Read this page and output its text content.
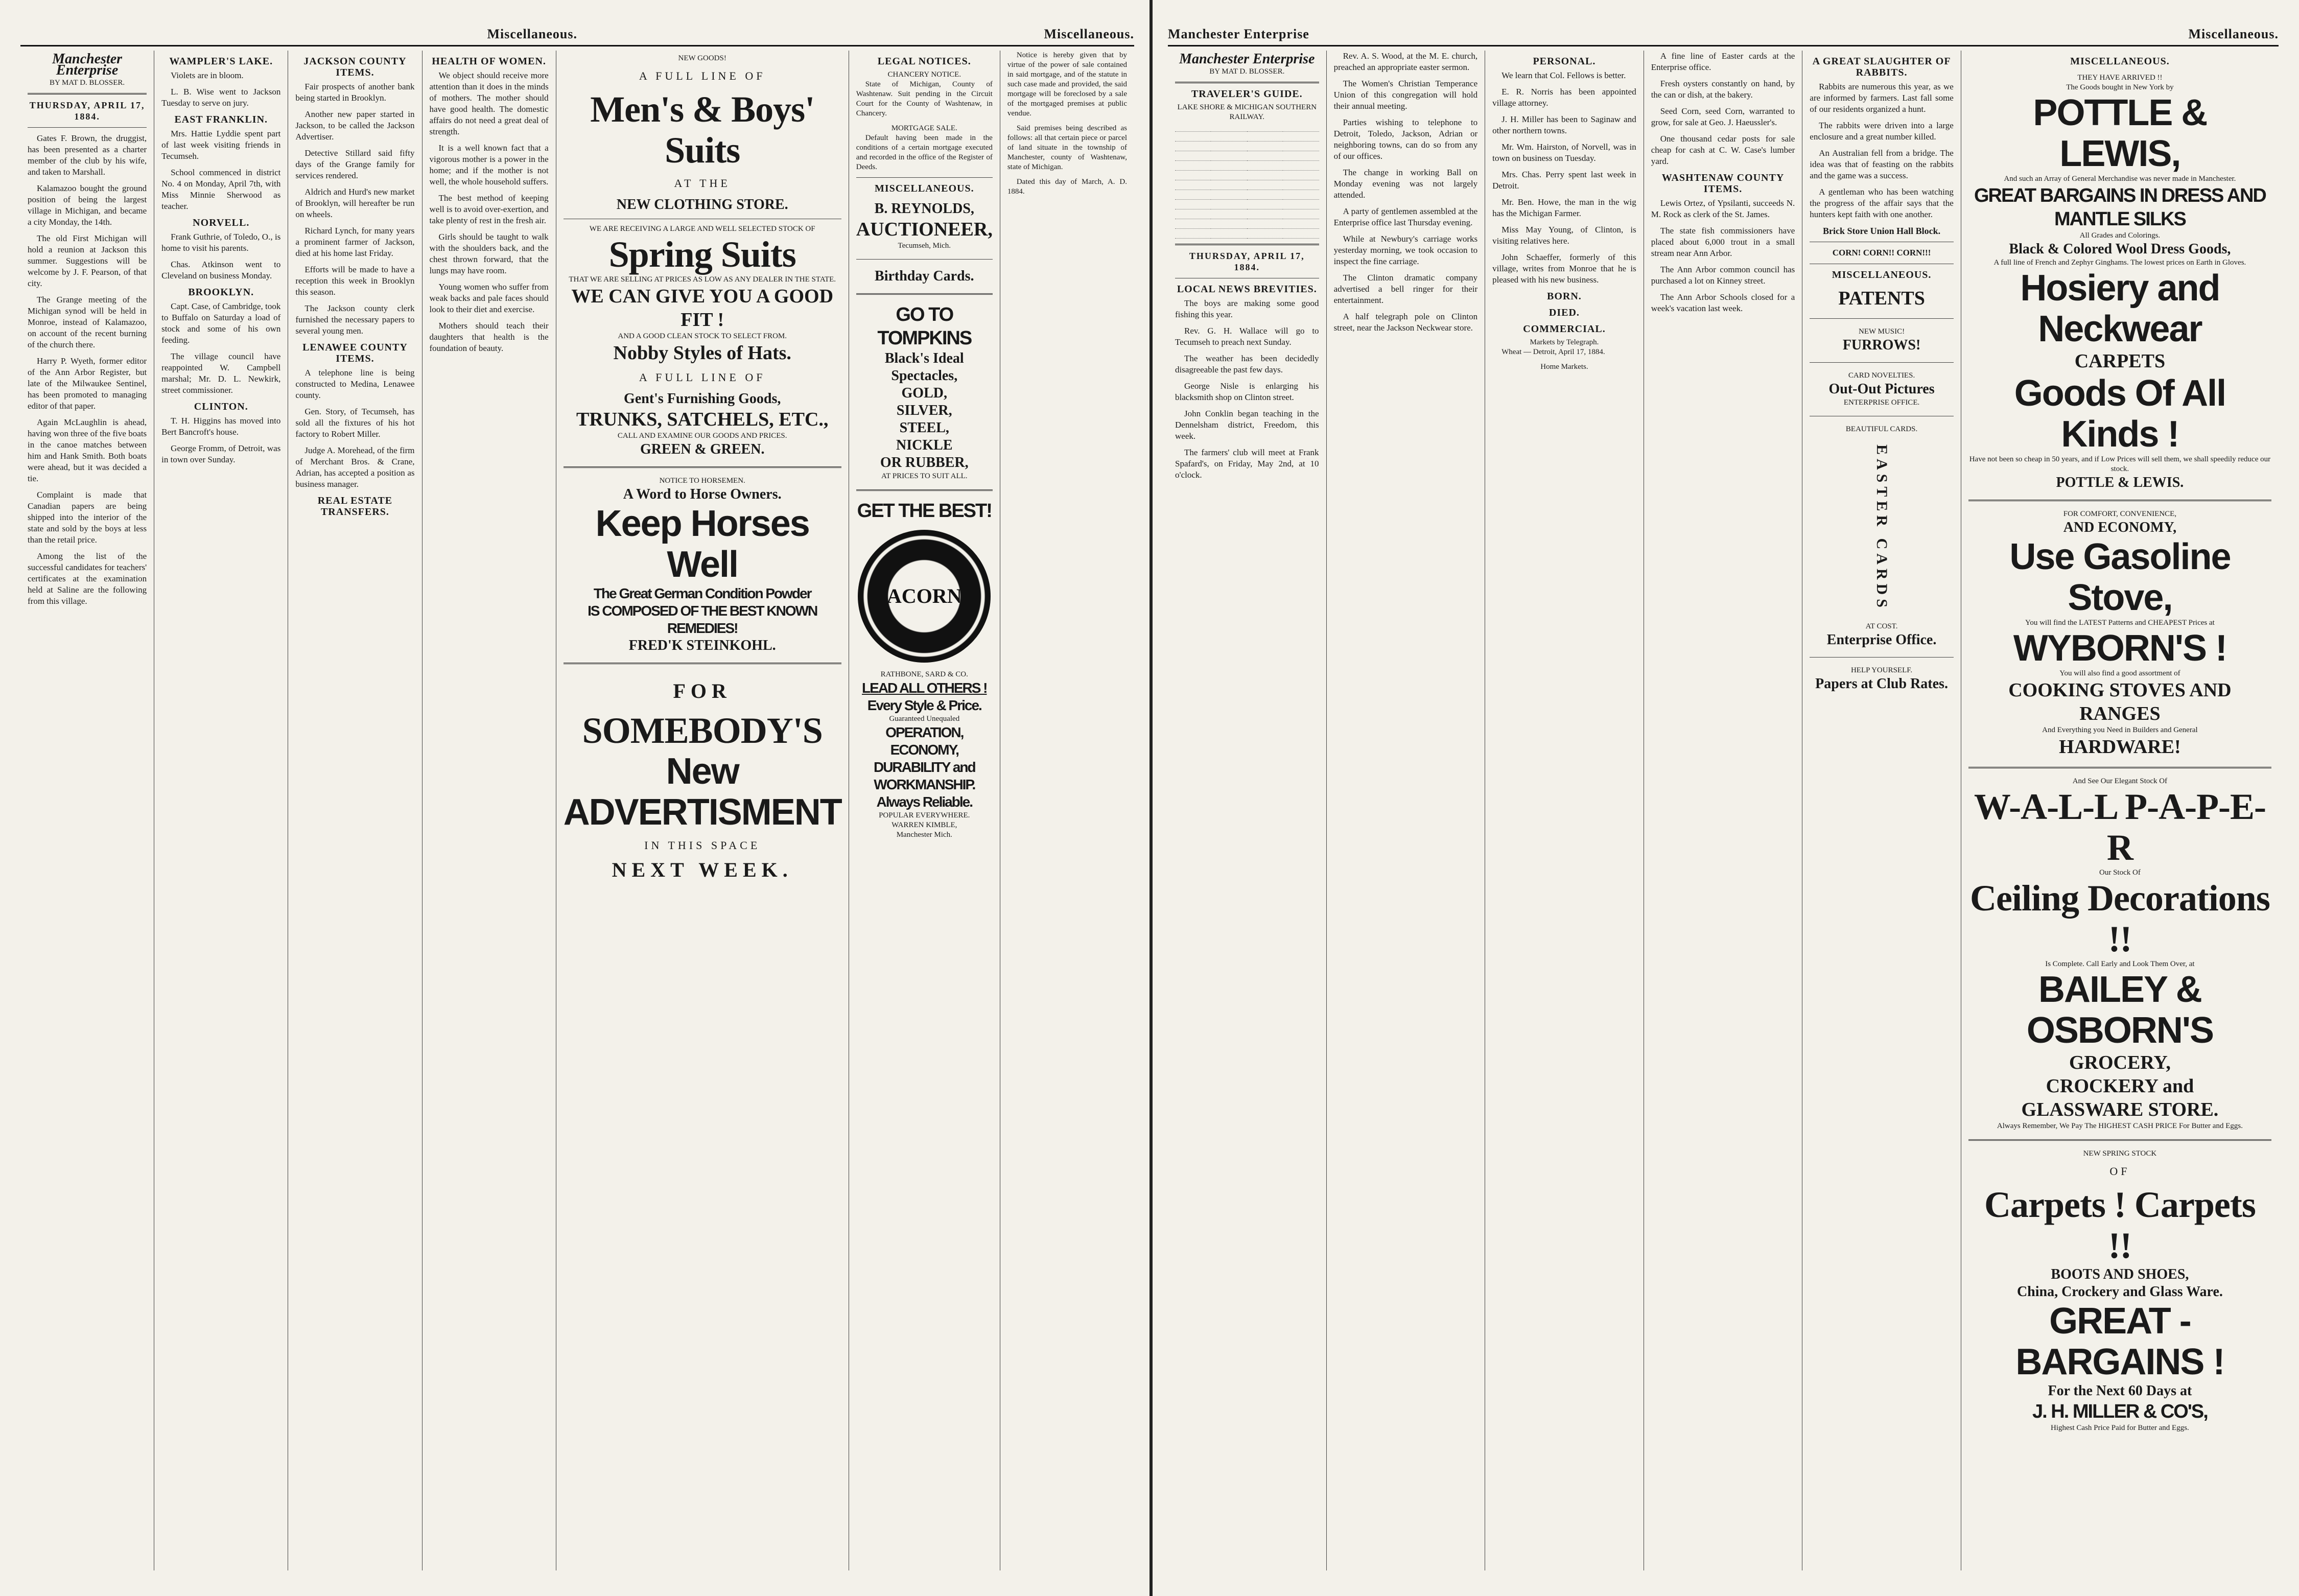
Miscellaneous.	Miscellaneous.
Manchester Enterprise
BY MAT D. BLOSSER.
THURSDAY, APRIL 17, 1884.

Gates F. Brown, the druggist, has been presented as a charter member of the club by his wife, and taken to Marshall.

Kalamazoo bought the ground position of being the largest village in Michigan, and became a city Monday, the 14th.

The old First Michigan will hold a reunion at Jackson this summer. Suggestions will be welcome by J. F. Pearson, of that city.

The Grange meeting of the Michigan synod will be held in Monroe, instead of Kalamazoo, on account of the recent burning of the church there.

Harry P. Wyeth, former editor of the Ann Arbor Register, but late of the Milwaukee Sentinel, has been promoted to managing editor of that paper.

Again McLaughlin is ahead, having won three of the five boats in the canoe matches between him and Hank Smith. Both boats were ahead, but it was decided a tie.

Complaint is made that Canadian papers are being shipped into the interior of the state and sold by the boys at less than the retail price.

Among the list of the successful candidates for teachers' certificates at the examination held at Saline are the following from this village.

WAMPLER'S LAKE.

Violets are in bloom.

L. B. Wise went to Jackson Tuesday to serve on jury.

EAST FRANKLIN.

Mrs. Hattie Lyddie spent part of last week visiting friends in Tecumseh.

School commenced in district No. 4 on Monday, April 7th, with Miss Minnie Sherwood as teacher.

NORVELL.

Frank Guthrie, of Toledo, O., is home to visit his parents.

Chas. Atkinson went to Cleveland on business Monday.

BROOKLYN.

Capt. Case, of Cambridge, took to Buffalo on Saturday a load of stock and some of his own feeding.

The village council have reappointed W. Campbell marshal; Mr. D. L. Newkirk, street commissioner.

CLINTON.

T. H. Higgins has moved into Bert Bancroft's house.

George Fromm, of Detroit, was in town over Sunday.

JACKSON COUNTY ITEMS.

Fair prospects of another bank being started in Brooklyn.

Another new paper started in Jackson, to be called the Jackson Advertiser.

Detective Stillard said fifty days of the Grange family for services rendered.

Aldrich and Hurd's new market of Brooklyn, will hereafter be run on wheels.

Richard Lynch, for many years a prominent farmer of Jackson, died at his home last Friday.

Efforts will be made to have a reception this week in Brooklyn this season.

The Jackson county clerk furnished the necessary papers to several young men.

LENAWEE COUNTY ITEMS.

A telephone line is being constructed to Medina, Lenawee county.

Gen. Story, of Tecumseh, has sold all the fixtures of his hot factory to Robert Miller.

Judge A. Morehead, of the firm of Merchant Bros. & Crane, Adrian, has accepted a position as business manager.

REAL ESTATE TRANSFERS.
HEALTH OF WOMEN.

We object should receive more attention than it does in the minds of mothers. The mother should have good health. The domestic affairs do not need a great deal of strength.

It is a well known fact that a vigorous mother is a power in the home; and if the mother is not well, the whole household suffers.

The best method of keeping well is to avoid over-exertion, and take plenty of rest in the fresh air.

Girls should be taught to walk with the shoulders back, and the chest thrown forward, that the lungs may have room.

Young women who suffer from weak backs and pale faces should look to their diet and exercise.

Mothers should teach their daughters that health is the foundation of beauty.

NEW GOODS!
A FULL LINE OF
Men's & Boys' Suits
AT THE
NEW CLOTHING STORE.
WE ARE RECEIVING A LARGE AND WELL SELECTED STOCK OF
Spring Suits
THAT WE ARE SELLING AT PRICES AS LOW AS ANY DEALER IN THE STATE.
WE CAN GIVE YOU A GOOD FIT !
AND A GOOD CLEAN STOCK TO SELECT FROM.
Nobby Styles of Hats.
A FULL LINE OF
Gent's Furnishing Goods,
TRUNKS, SATCHELS, ETC.,
CALL AND EXAMINE OUR GOODS AND PRICES.
GREEN & GREEN.
NOTICE TO HORSEMEN.
A Word to Horse Owners.
Keep Horses Well
The Great German Condition Powder
IS COMPOSED OF THE BEST KNOWN REMEDIES!
FRED'K STEINKOHL.
FOR
SOMEBODY'S
New ADVERTISMENT
IN THIS SPACE
NEXT WEEK.
LEGAL NOTICES.
CHANCERY NOTICE.

State of Michigan, County of Washtenaw. Suit pending in the Circuit Court for the County of Washtenaw, in Chancery.

MORTGAGE SALE.

Default having been made in the conditions of a certain mortgage executed and recorded in the office of the Register of Deeds.

MISCELLANEOUS.
B. REYNOLDS,
AUCTIONEER,
Tecumseh, Mich.
Birthday Cards.
GO TO TOMPKINS
Black's Ideal Spectacles,
GOLD,
SILVER,
STEEL,
NICKLE
OR RUBBER,
AT PRICES TO SUIT ALL.
GET THE BEST!
ACORN
RATHBONE, SARD & CO.
LEAD ALL OTHERS !
Every Style & Price.
Guaranteed Unequaled
OPERATION,
ECONOMY,
DURABILITY and
WORKMANSHIP.
Always Reliable.
POPULAR EVERYWHERE.
WARREN KIMBLE,
Manchester Mich.

Notice is hereby given that by virtue of the power of sale contained in said mortgage, and of the statute in such case made and provided, the said mortgage will be foreclosed by a sale of the mortgaged premises at public vendue.

Said premises being described as follows: all that certain piece or parcel of land situate in the township of Manchester, county of Washtenaw, state of Michigan.

Dated this day of March, A. D. 1884.

Manchester Enterprise	Miscellaneous.
Manchester Enterprise
BY MAT D. BLOSSER.
TRAVELER'S GUIDE.
LAKE SHORE & MICHIGAN SOUTHERN RAILWAY.

THURSDAY, APRIL 17, 1884.
LOCAL NEWS BREVITIES.

The boys are making some good fishing this year.

Rev. G. H. Wallace will go to Tecumseh to preach next Sunday.

The weather has been decidedly disagreeable the past few days.

George Nisle is enlarging his blacksmith shop on Clinton street.

John Conklin began teaching in the Dennelsham district, Freedom, this week.

The farmers' club will meet at Frank Spafard's, on Friday, May 2nd, at 10 o'clock.

Rev. A. S. Wood, at the M. E. church, preached an appropriate easter sermon.

The Women's Christian Temperance Union of this congregation will hold their annual meeting.

Parties wishing to telephone to Detroit, Toledo, Jackson, Adrian or neighboring towns, can do so from any of our offices.

The change in working Ball on Monday evening was not largely attended.

A party of gentlemen assembled at the Enterprise office last Thursday evening.

While at Newbury's carriage works yesterday morning, we took occasion to inspect the fine carriage.

The Clinton dramatic company advertised a bell ringer for their entertainment.

A half telegraph pole on Clinton street, near the Jackson Neckwear store.

PERSONAL.

We learn that Col. Fellows is better.

E. R. Norris has been appointed village attorney.

J. H. Miller has been to Saginaw and other northern towns.

Mr. Wm. Hairston, of Norvell, was in town on business on Tuesday.

Mrs. Chas. Perry spent last week in Detroit.

Mr. Ben. Howe, the man in the wig has the Michigan Farmer.

Miss May Young, of Clinton, is visiting relatives here.

John Schaeffer, formerly of this village, writes from Monroe that he is pleased with his new business.

BORN.
DIED.
COMMERCIAL.
Markets by Telegraph.

Wheat — Detroit, April 17, 1884.

Home Markets.

A fine line of Easter cards at the Enterprise office.

Fresh oysters constantly on hand, by the can or dish, at the bakery.

Seed Corn, seed Corn, warranted to grow, for sale at Geo. J. Haeussler's.

One thousand cedar posts for sale cheap for cash at C. W. Case's lumber yard.

WASHTENAW COUNTY ITEMS.

Lewis Ortez, of Ypsilanti, succeeds N. M. Rock as clerk of the St. James.

The state fish commissioners have placed about 6,000 trout in a small stream near Ann Arbor.

The Ann Arbor common council has purchased a lot on Kinney street.

The Ann Arbor Schools closed for a week's vacation last week.

A GREAT SLAUGHTER OF RABBITS.

Rabbits are numerous this year, as we are informed by farmers. Last fall some of our residents organized a hunt.

The rabbits were driven into a large enclosure and a great number killed.

An Australian fell from a bridge. The idea was that of feasting on the rabbits and the game was a success.

A gentleman who has been watching the progress of the affair says that the hunters kept faith with one another.

Brick Store Union Hall Block.
CORN! CORN!! CORN!!!
MISCELLANEOUS.
PATENTS
NEW MUSIC!
FURROWS!
CARD NOVELTIES.
Out-Out Pictures
ENTERPRISE OFFICE.
BEAUTIFUL CARDS.
EASTER CARDS
AT COST.
Enterprise Office.
HELP YOURSELF.
Papers at Club Rates.
MISCELLANEOUS.
THEY HAVE ARRIVED !!
The Goods bought in New York by
POTTLE & LEWIS,
And such an Array of General Merchandise was never made in Manchester.
GREAT BARGAINS IN DRESS AND MANTLE SILKS
All Grades and Colorings.
Black & Colored Wool Dress Goods,
A full line of French and Zephyr Ginghams. The lowest prices on Earth in Gloves.
Hosiery and Neckwear
CARPETS
Goods Of All Kinds !
Have not been so cheap in 50 years, and if Low Prices will sell them, we shall speedily reduce our stock.
POTTLE & LEWIS.
FOR COMFORT, CONVENIENCE,
AND ECONOMY,
Use Gasoline Stove,
You will find the LATEST Patterns and CHEAPEST Prices at
WYBORN'S !
You will also find a good assortment of
COOKING STOVES AND RANGES
And Everything you Need in Builders and General
HARDWARE!
And See Our Elegant Stock Of
W-A-L-L P-A-P-E-R
Our Stock Of
Ceiling Decorations !!
Is Complete. Call Early and Look Them Over, at
BAILEY & OSBORN'S
GROCERY,
CROCKERY and
GLASSWARE STORE.
Always Remember, We Pay The HIGHEST CASH PRICE For Butter and Eggs.
NEW SPRING STOCK
OF
Carpets ! Carpets !!
BOOTS AND SHOES,
China, Crockery and Glass Ware.
GREAT - BARGAINS !
For the Next 60 Days at
J. H. MILLER & CO'S,
Highest Cash Price Paid for Butter and Eggs.
